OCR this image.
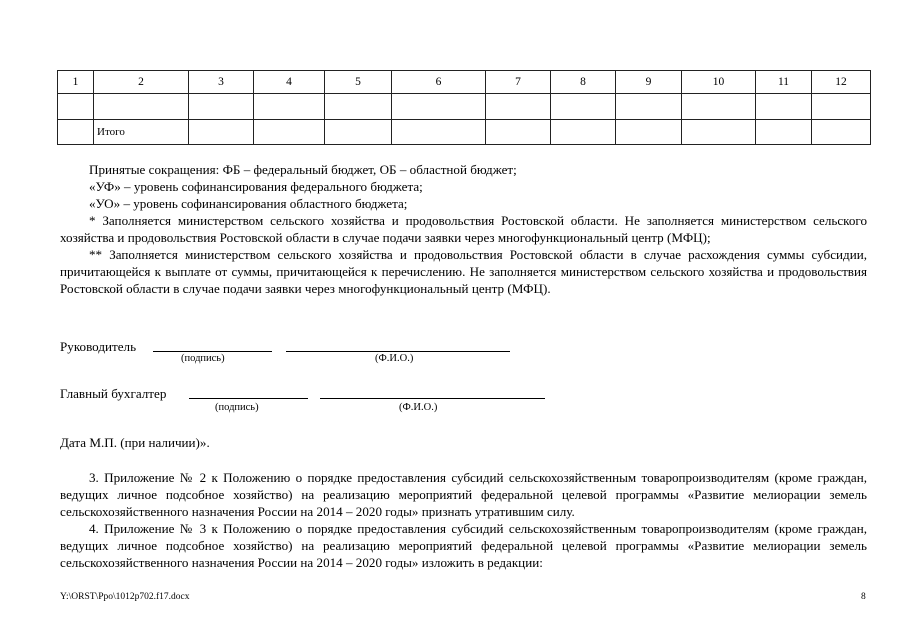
1	2	3	4	5	6	7	8	9	10	11	12

	Итого										
Принятые сокращения: ФБ – федеральный бюджет, ОБ – областной бюджет;
«УФ» – уровень софинансирования федерального бюджета;
«УО» – уровень софинансирования областного бюджета;
* Заполняется министерством сельского хозяйства и продовольствия Ростовской области. Не заполняется министерством сельского хозяйства и продовольствия Ростовской области в случае подачи заявки через многофункциональный центр (МФЦ);
** Заполняется министерством сельского хозяйства и продовольствия Ростовской области в случае расхождения суммы субсидии, причитающейся к выплате от суммы, причитающейся к перечислению. Не заполняется министерством сельского хозяйства и продовольствия Ростовской области в случае подачи заявки через многофункциональный центр (МФЦ).
Руководитель
(подпись)	(Ф.И.О.)
Главный бухгалтер
(подпись)	(Ф.И.О.)
Дата М.П. (при наличии)».
3. Приложение № 2 к Положению о порядке предоставления субсидий сельскохозяйственным товаропроизводителям (кроме граждан, ведущих личное подсобное хозяйство) на реализацию мероприятий федеральной целевой программы «Развитие мелиорации земель сельскохозяйственного назначения России на 2014 – 2020 годы» признать утратившим силу.
4. Приложение № 3 к Положению о порядке предоставления субсидий сельскохозяйственным товаропроизводителям (кроме граждан, ведущих личное подсобное хозяйство) на реализацию мероприятий федеральной целевой программы «Развитие мелиорации земель сельскохозяйственного назначения России на 2014 – 2020 годы» изложить в редакции:
Y:\ORST\Ppo\1012p702.f17.docx	8
